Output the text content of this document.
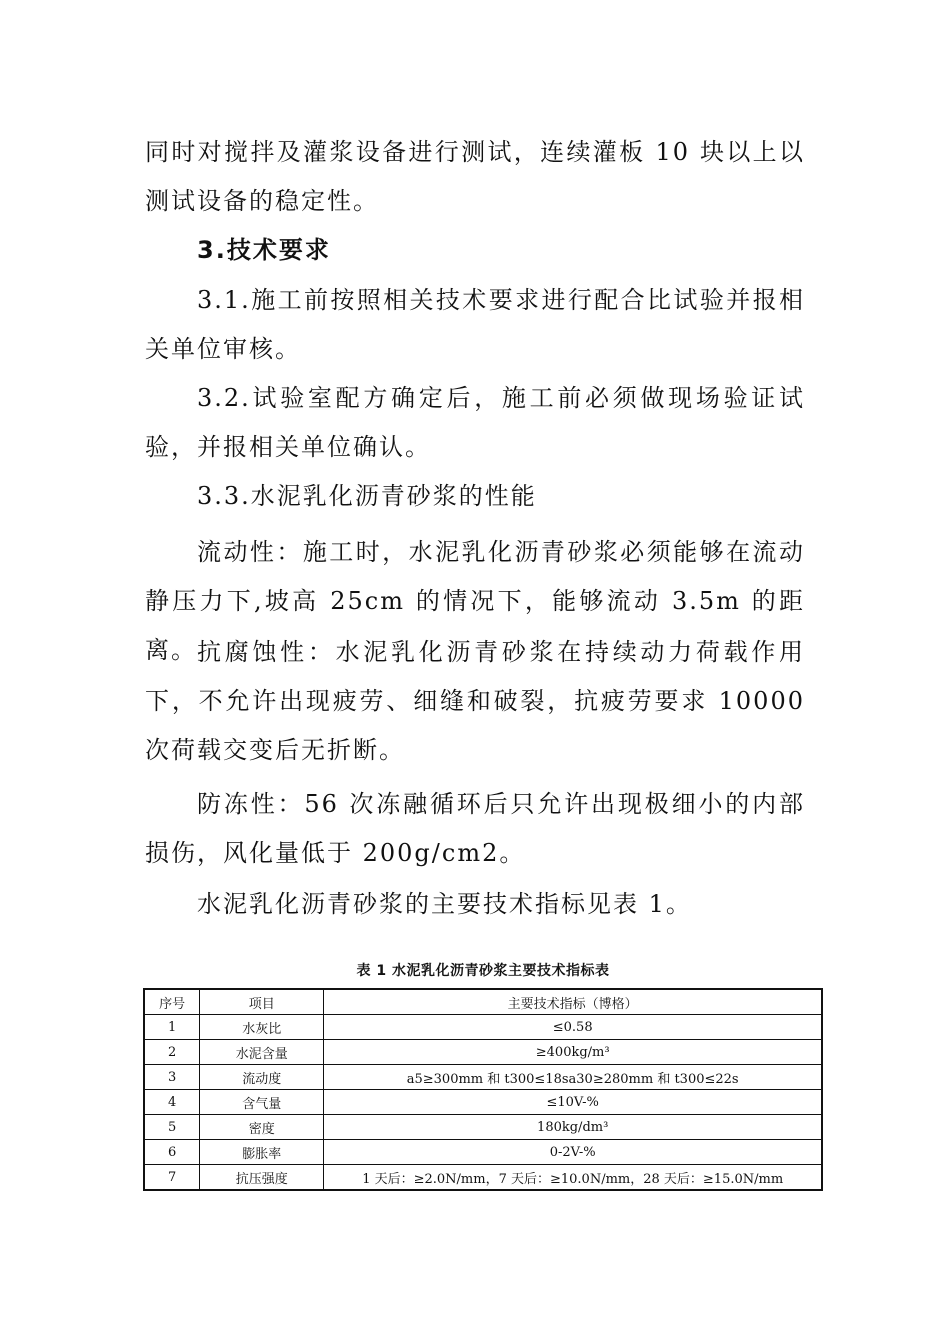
同时对搅拌及灌浆设备进行测试，连续灌板 10 块以上以测试设备的稳定性。

3.技术要求

3.1.施工前按照相关技术要求进行配合比试验并报相关单位审核。

3.2.试验室配方确定后，施工前必须做现场验证试验，并报相关单位确认。

3.3.水泥乳化沥青砂浆的性能

流动性：施工时，水泥乳化沥青砂浆必须能够在流动静压力下,坡高 25cm 的情况下，能够流动 3.5m 的距离。 抗腐蚀性：水泥乳化沥青砂浆在持续动力荷载作用下，不允许出现疲劳、细缝和破裂，抗疲劳要求 10000 次荷载交变后无折断。

防冻性：56 次冻融循环后只允许出现极细小的内部损伤，风化量低于 200g/cm2。

水泥乳化沥青砂浆的主要技术指标见表 1。

表 1 水泥乳化沥青砂浆主要技术指标表
序号	项目	主要技术指标（博格）
1	水灰比	≤0.58
2	水泥含量	≥400kg/m³
3	流动度	a5≥300mm 和 t300≤18sa30≥280mm 和 t300≤22s
4	含气量	≤10V-%
5	密度	180kg/dm³
6	膨胀率	0-2V-%
7	抗压强度	1 天后：≥2.0N/mm，7 天后：≥10.0N/mm，28 天后：≥15.0N/mm
